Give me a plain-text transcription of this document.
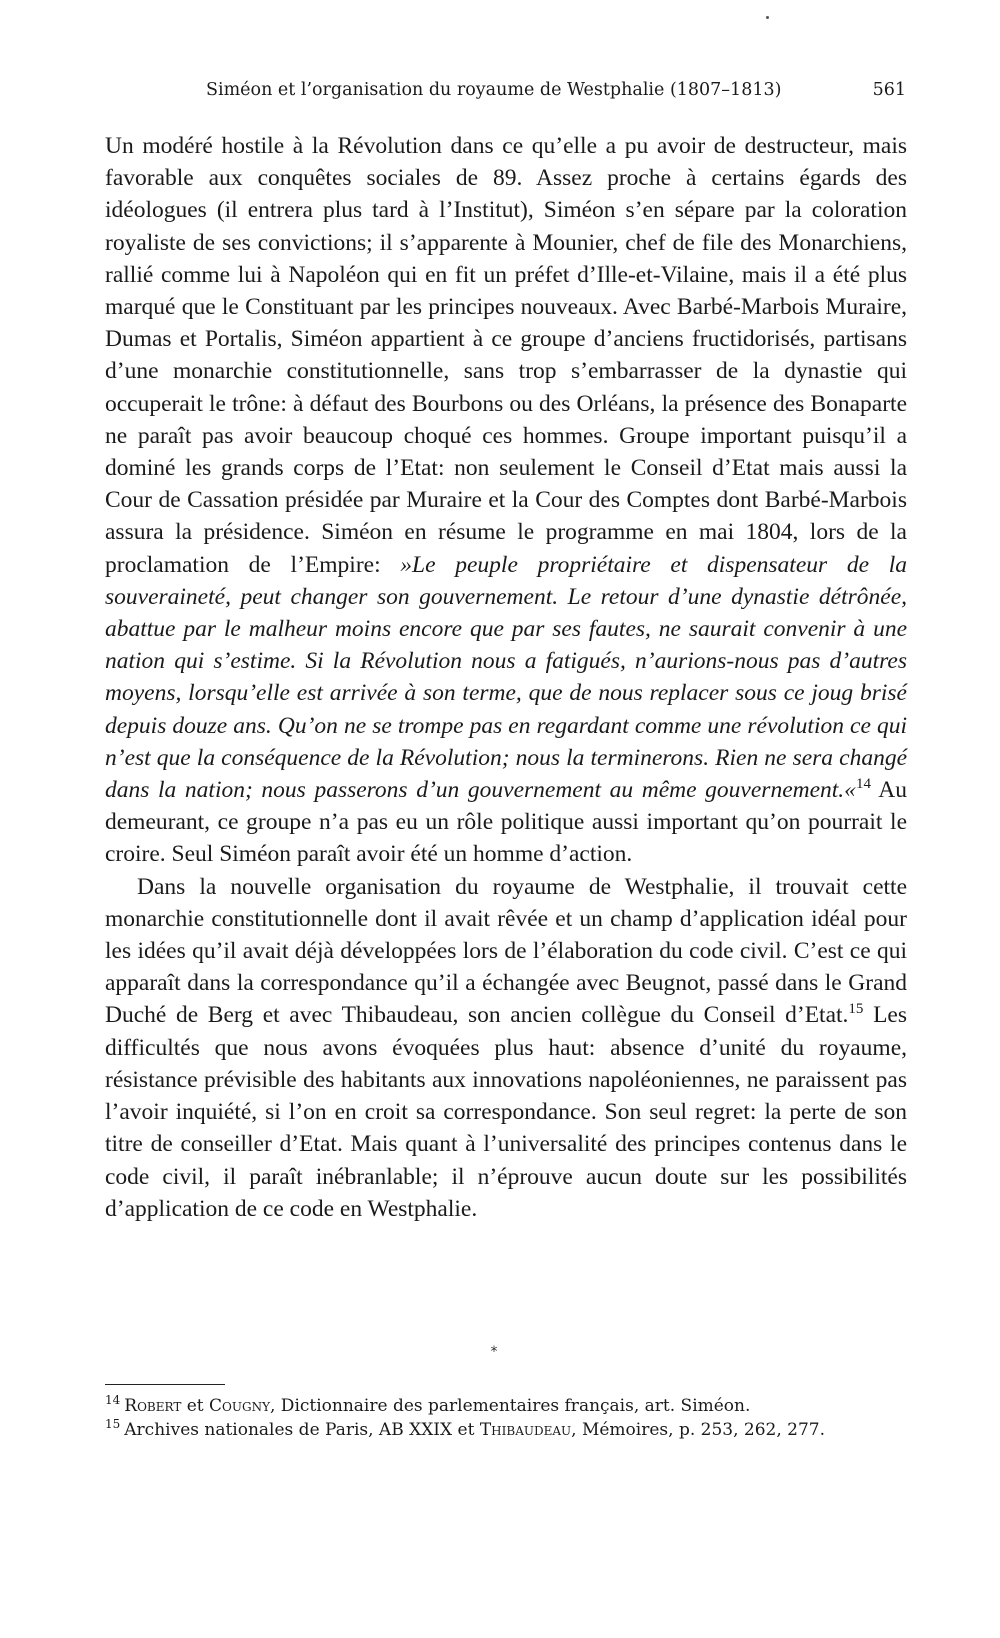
Siméon et l’organisation du royaume de Westphalie (1807–1813)	561

Un modéré hostile à la Révolution dans ce qu’elle a pu avoir de destructeur, mais favorable aux conquêtes sociales de 89. Assez proche à certains égards des idéologues (il entrera plus tard à l’Institut), Siméon s’en sépare par la coloration royaliste de ses convictions; il s’apparente à Mounier, chef de file des Monarchiens, rallié comme lui à Napoléon qui en fit un préfet d’Ille-et-Vilaine, mais il a été plus marqué que le Constituant par les principes nouveaux. Avec Barbé-Marbois Muraire, Dumas et Portalis, Siméon appartient à ce groupe d’anciens fructidorisés, partisans d’une monarchie constitutionnelle, sans trop s’embarrasser de la dynastie qui occuperait le trône: à défaut des Bourbons ou des Orléans, la présence des Bonaparte ne paraît pas avoir beaucoup choqué ces hommes. Groupe important puisqu’il a dominé les grands corps de l’Etat: non seulement le Conseil d’Etat mais aussi la Cour de Cassation présidée par Muraire et la Cour des Comptes dont Barbé-Marbois assura la présidence. Siméon en résume le programme en mai 1804, lors de la proclamation de l’Empire: »Le peuple propriétaire et dispensateur de la souveraineté, peut changer son gouvernement. Le retour d’une dynastie détrônée, abattue par le malheur moins encore que par ses fautes, ne saurait convenir à une nation qui s’estime. Si la Révolution nous a fatigués, n’aurions-nous pas d’autres moyens, lorsqu’elle est arrivée à son terme, que de nous replacer sous ce joug brisé depuis douze ans. Qu’on ne se trompe pas en regardant comme une révolution ce qui n’est que la conséquence de la Révolution; nous la terminerons. Rien ne sera changé dans la nation; nous passerons d’un gouvernement au même gouvernement.«$^{14}$ Au demeurant, ce groupe n’a pas eu un rôle politique aussi important qu’on pourrait le croire. Seul Siméon paraît avoir été un homme d’action.

Dans la nouvelle organisation du royaume de Westphalie, il trouvait cette monarchie constitutionnelle dont il avait rêvée et un champ d’application idéal pour les idées qu’il avait déjà développées lors de l’élaboration du code civil. C’est ce qui apparaît dans la correspondance qu’il a échangée avec Beugnot, passé dans le Grand Duché de Berg et avec Thibaudeau, son ancien collègue du Conseil d’Etat.$^{15}$ Les difficultés que nous avons évoquées plus haut: absence d’unité du royaume, résistance prévisible des habitants aux innovations napoléoniennes, ne paraissent pas l’avoir inquiété, si l’on en croit sa correspondance. Son seul regret: la perte de son titre de conseiller d’Etat. Mais quant à l’universalité des principes contenus dans le code civil, il paraît inébranlable; il n’éprouve aucun doute sur les possibilités d’application de ce code en Westphalie.

*
$^{14}$ Robert et Cougny, Dictionnaire des parlementaires français, art. Siméon.
$^{15}$ Archives nationales de Paris, AB XXIX et Thibaudeau, Mémoires, p. 253, 262, 277.
